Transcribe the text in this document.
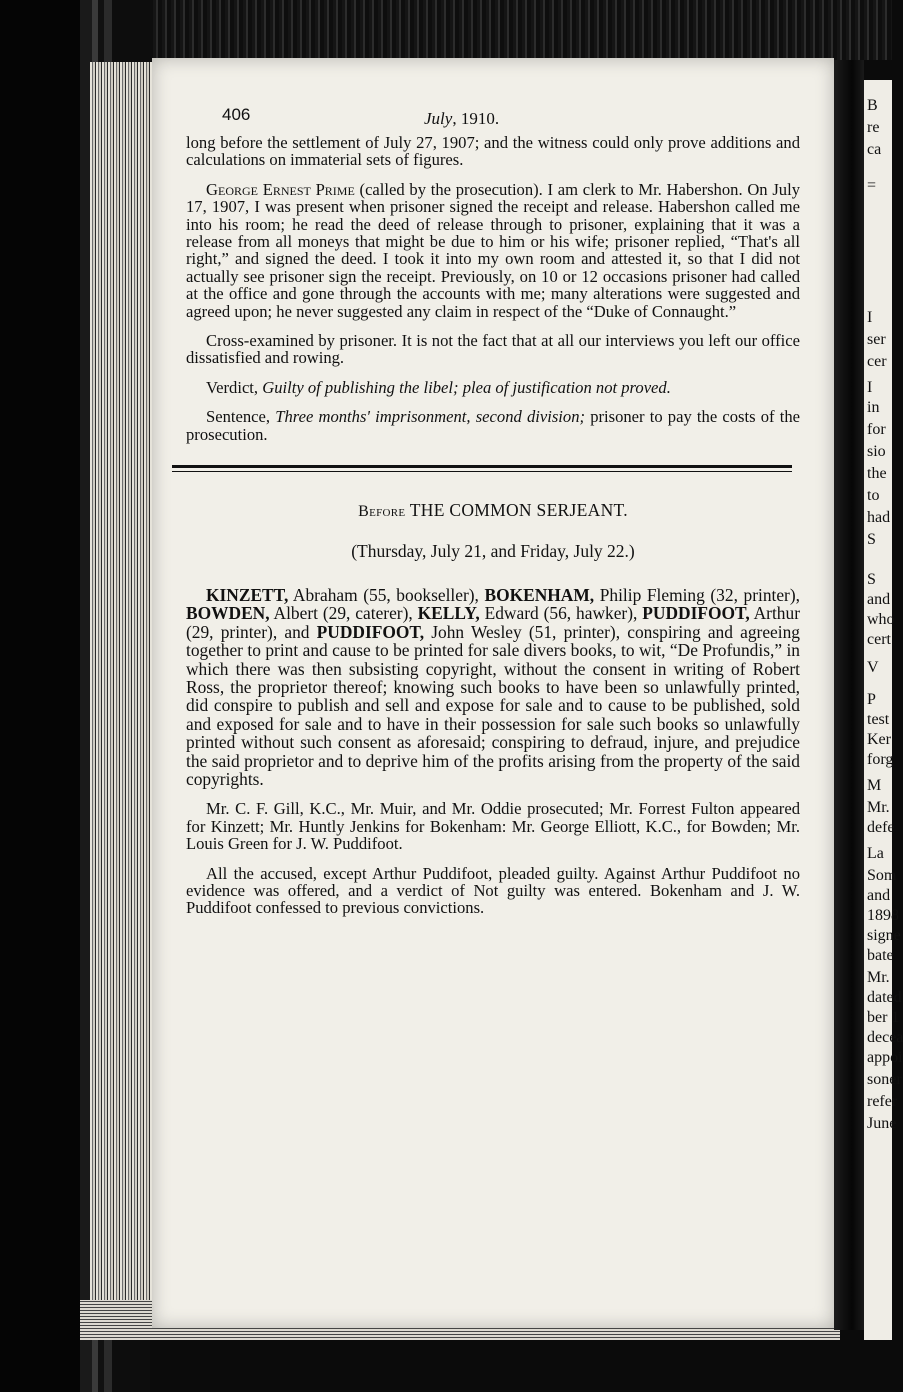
B
re
ca
=
I
ser
cer
I
in
for
sio
the
to
had
S
S
and
who
cert
V
P
test
Ker
forg
M
Mr.
defe
La
Som
and
1898
signe
bate
Mr.
dated
ber 1
decea
appoi
soner
refer
June
406	July, 1910.

long before the settlement of July 27, 1907; and the witness could only prove additions and calculations on immaterial sets of figures.

George Ernest Prime (called by the prosecution). I am clerk to Mr. Habershon. On July 17, 1907, I was present when prisoner signed the receipt and release. Habershon called me into his room; he read the deed of release through to prisoner, explaining that it was a release from all moneys that might be due to him or his wife; prisoner replied, “That's all right,” and signed the deed. I took it into my own room and attested it, so that I did not actually see prisoner sign the receipt. Previously, on 10 or 12 occasions prisoner had called at the office and gone through the accounts with me; many alterations were suggested and agreed upon; he never suggested any claim in respect of the “Duke of Connaught.”

Cross-examined by prisoner. It is not the fact that at all our interviews you left our office dissatisfied and rowing.

Verdict, Guilty of publishing the libel; plea of justification not proved.

Sentence, Three months' imprisonment, second division; prisoner to pay the costs of the prosecution.

Before THE COMMON SERJEANT.
(Thursday, July 21, and Friday, July 22.)

KINZETT, Abraham (55, bookseller), BOKENHAM, Philip Fleming (32, printer), BOWDEN, Albert (29, caterer), KELLY, Edward (56, hawker), PUDDIFOOT, Arthur (29, printer), and PUDDIFOOT, John Wesley (51, printer), conspiring and agreeing together to print and cause to be printed for sale divers books, to wit, “De Profundis,” in which there was then subsisting copyright, without the consent in writing of Robert Ross, the proprietor thereof; knowing such books to have been so unlawfully printed, did conspire to publish and sell and expose for sale and to cause to be published, sold and exposed for sale and to have in their possession for sale such books so unlawfully printed without such consent as aforesaid; conspiring to defraud, injure, and prejudice the said proprietor and to deprive him of the profits arising from the property of the said copyrights.

Mr. C. F. Gill, K.C., Mr. Muir, and Mr. Oddie prosecuted; Mr. Forrest Fulton appeared for Kinzett; Mr. Huntly Jenkins for Bokenham: Mr. George Elliott, K.C., for Bowden; Mr. Louis Green for J. W. Puddifoot.

All the accused, except Arthur Puddifoot, pleaded guilty. Against Arthur Puddifoot no evidence was offered, and a verdict of Not guilty was entered. Bokenham and J. W. Puddifoot confessed to previous convictions.
